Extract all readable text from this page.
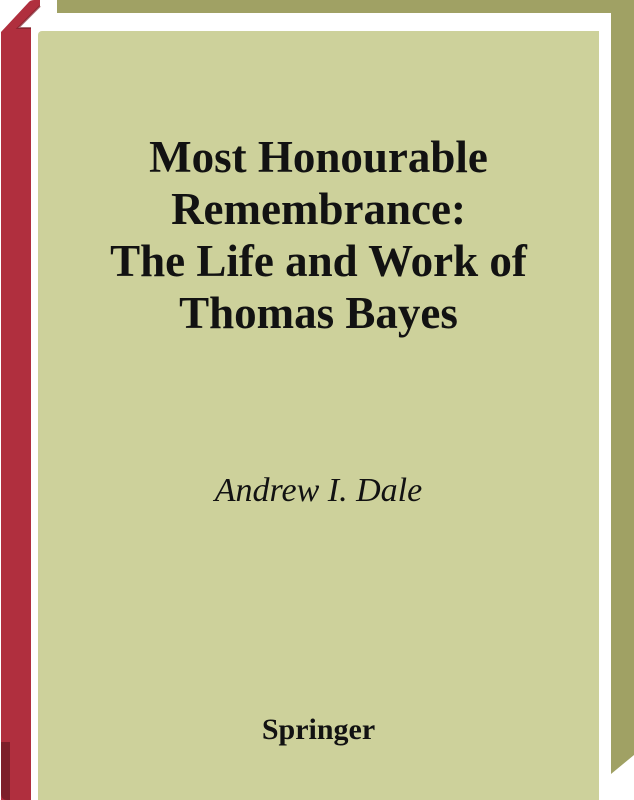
Most Honourable
Remembrance:
The Life and Work of
Thomas Bayes
Andrew I. Dale
Springer
